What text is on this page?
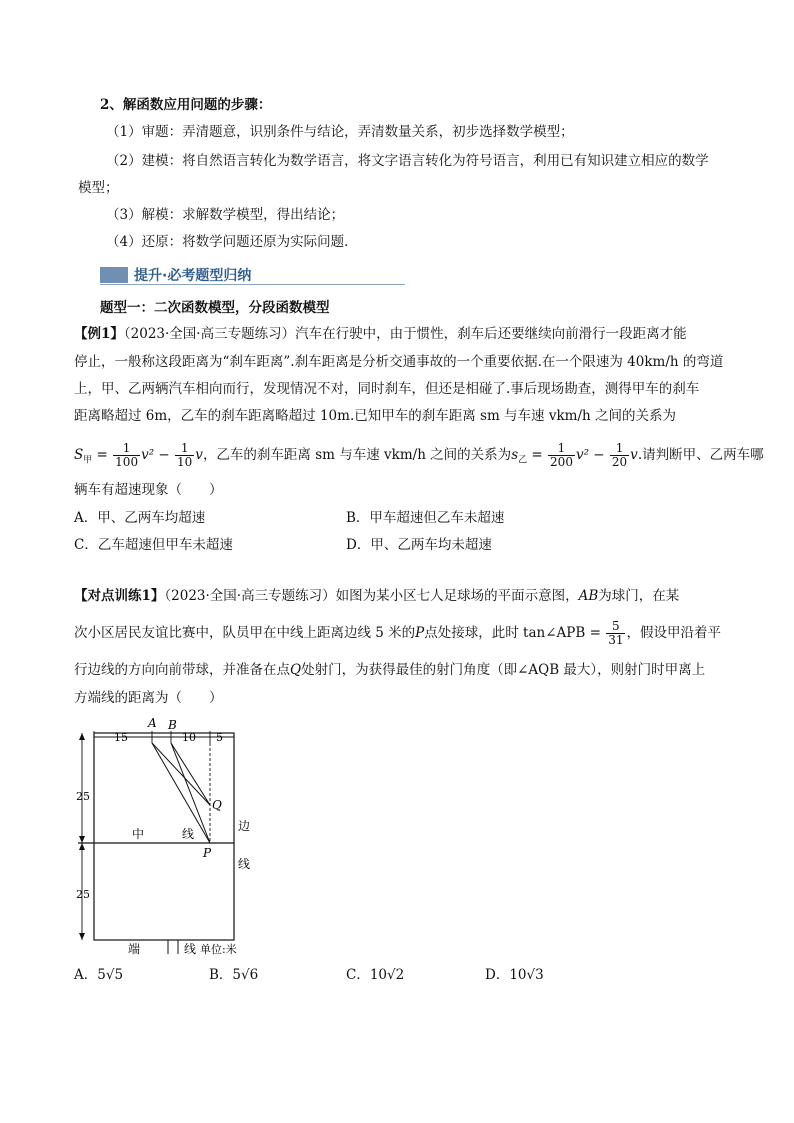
2、解函数应用问题的步骤：
（1）审题：弄清题意，识别条件与结论，弄清数量关系，初步选择数学模型；
（2）建模：将自然语言转化为数学语言，将文字语言转化为符号语言，利用已有知识建立相应的数学
模型；
（3）解模：求解数学模型，得出结论；
（4）还原：将数学问题还原为实际问题．
提升·必考题型归纳
题型一：二次函数模型，分段函数模型
【例1】（2023·全国·高三专题练习）汽车在行驶中，由于惯性，刹车后还要继续向前滑行一段距离才能
停止，一般称这段距离为“刹车距离”.刹车距离是分析交通事故的一个重要依据.在一个限速为 40km/h 的弯道
上，甲、乙两辆汽车相向而行，发现情况不对，同时刹车，但还是相碰了.事后现场勘查，测得甲车的刹车
距离略超过 6m，乙车的刹车距离略超过 10m.已知甲车的刹车距离 sm 与车速 vkm/h 之间的关系为
$S_甲 = \frac{1}{100} v^2 - \frac{1}{10}$ v，乙车的刹车距离 sm 与车速 vkm/h 之间的关系为$s_乙 = \frac{1}{200} v^2 - \frac{1}{20} v$.请判断甲、乙两车哪
辆车有超速现象（　　）
A．甲、乙两车均超速	B．甲车超速但乙车未超速
C．乙车超速但甲车未超速	D．甲、乙两车均未超速
【对点训练1】（2023·全国·高三专题练习）如图为某小区七人足球场的平面示意图，AB为球门，在某
次小区居民友谊比赛中，队员甲在中线上距离边线 5 米的P点处接球，此时 tan∠APB = $\frac{5}{31}$ ，假设甲沿着平
行边线的方向向前带球，并准备在点Q处射门，为获得最佳的射门角度（即∠AQB 最大），则射门时甲离上
方端线的距离为（　　）
15	10 5
25
25
A B
Q
P
中	线
边
线
端	线 单位:米
A．5√5	B．5√6	C．10√2	D．10√3
